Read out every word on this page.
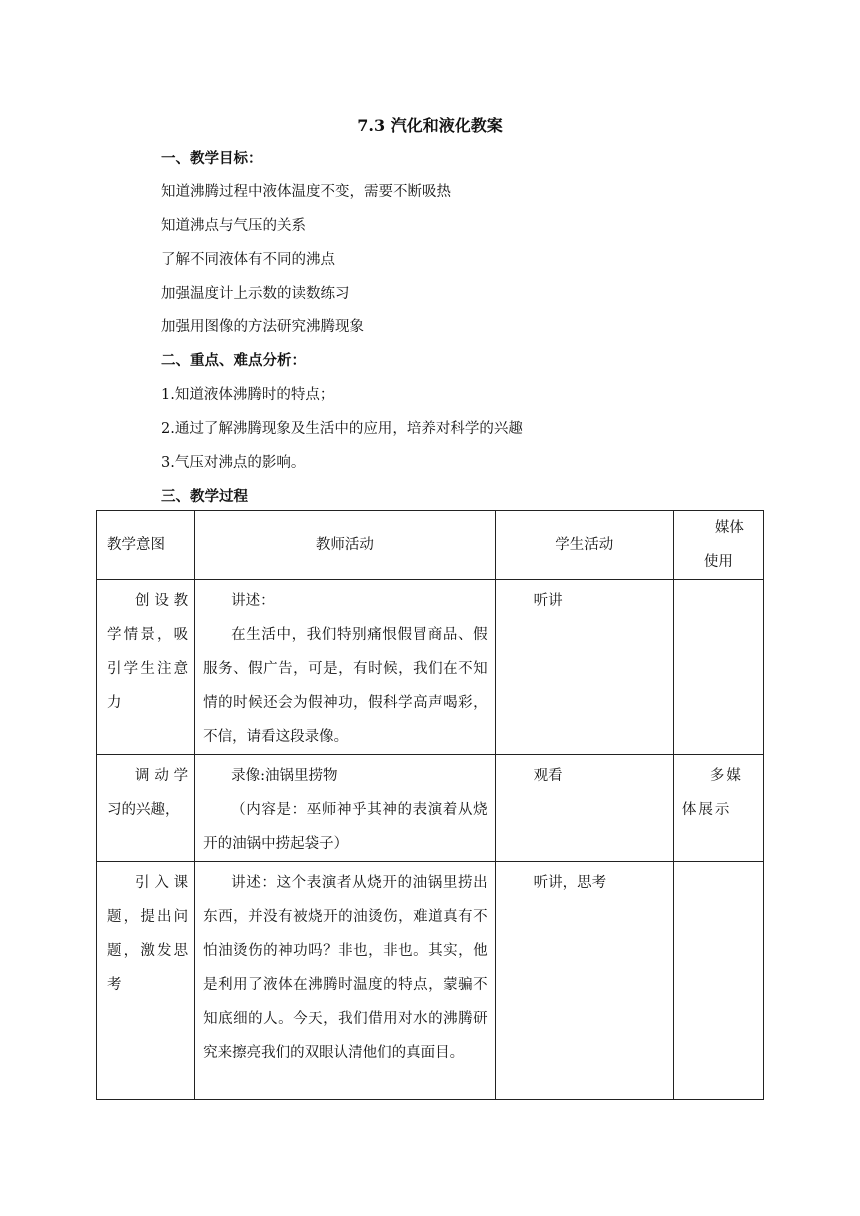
7.3 汽化和液化教案
一、教学目标：
知道沸腾过程中液体温度不变，需要不断吸热
知道沸点与气压的关系
了解不同液体有不同的沸点
加强温度计上示数的读数练习
加强用图像的方法研究沸腾现象
二、重点、难点分析：
1.知道液体沸腾时的特点；
2.通过了解沸腾现象及生活中的应用，培养对科学的兴趣
3.气压对沸点的影响。
三、教学过程
教学意图	教师活动	学生活动	媒体
使用

创设教学情景，吸引学生注意力	讲述：
在生活中，我们特别痛恨假冒商品、假服务、假广告，可是，有时候，我们在不知情的时候还会为假神功，假科学高声喝彩，不信，请看这段录像。	听讲	

调动学习的兴趣，	录像:油锅里捞物
（内容是：巫师神乎其神的表演着从烧开的油锅中捞起袋子）	观看	多媒体展示

引入课题，提出问题，激发思考	讲述：这个表演者从烧开的油锅里捞出东西，并没有被烧开的油烫伤，难道真有不怕油烫伤的神功吗？非也，非也。其实，他是利用了液体在沸腾时温度的特点，蒙骗不知底细的人。今天，我们借用对水的沸腾研究来擦亮我们的双眼认清他们的真面目。	听讲，思考	
